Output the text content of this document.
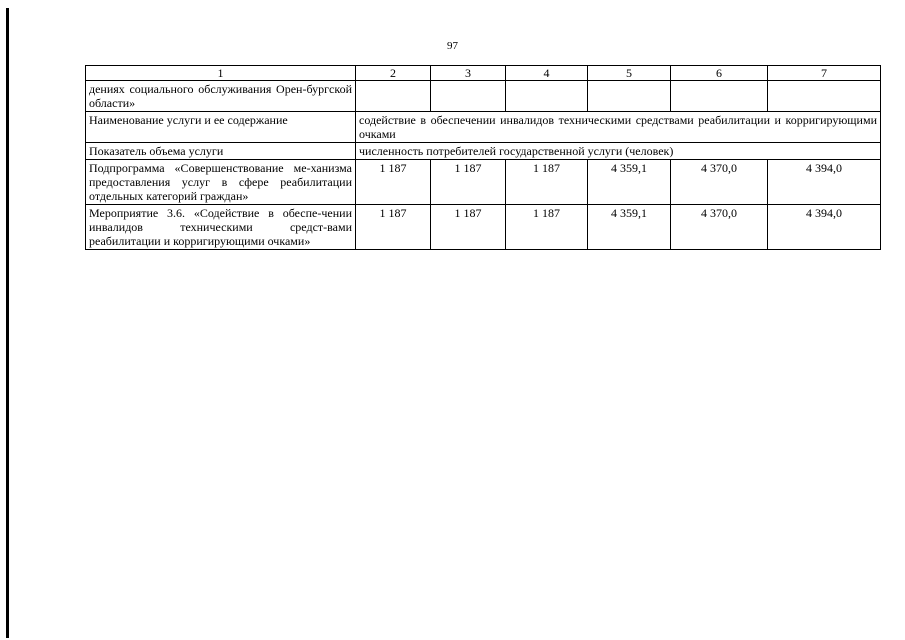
97
1	2	3	4	5	6	7
дениях социального обслуживания Орен-бургской области»						
Наименование услуги и ее содержание	содействие в обеспечении инвалидов техническими средствами реабилитации и корригирующими очками					
Показатель объема услуги	численность потребителей государственной услуги (человек)					
Подпрограмма «Совершенствование ме-ханизма предоставления услуг в сфере реабилитации отдельных категорий граждан»	1 187	1 187	1 187	4 359,1	4 370,0	4 394,0
Мероприятие 3.6. «Содействие в обеспе-чении инвалидов техническими средст-вами реабилитации и корригирующими очками»	1 187	1 187	1 187	4 359,1	4 370,0	4 394,0
